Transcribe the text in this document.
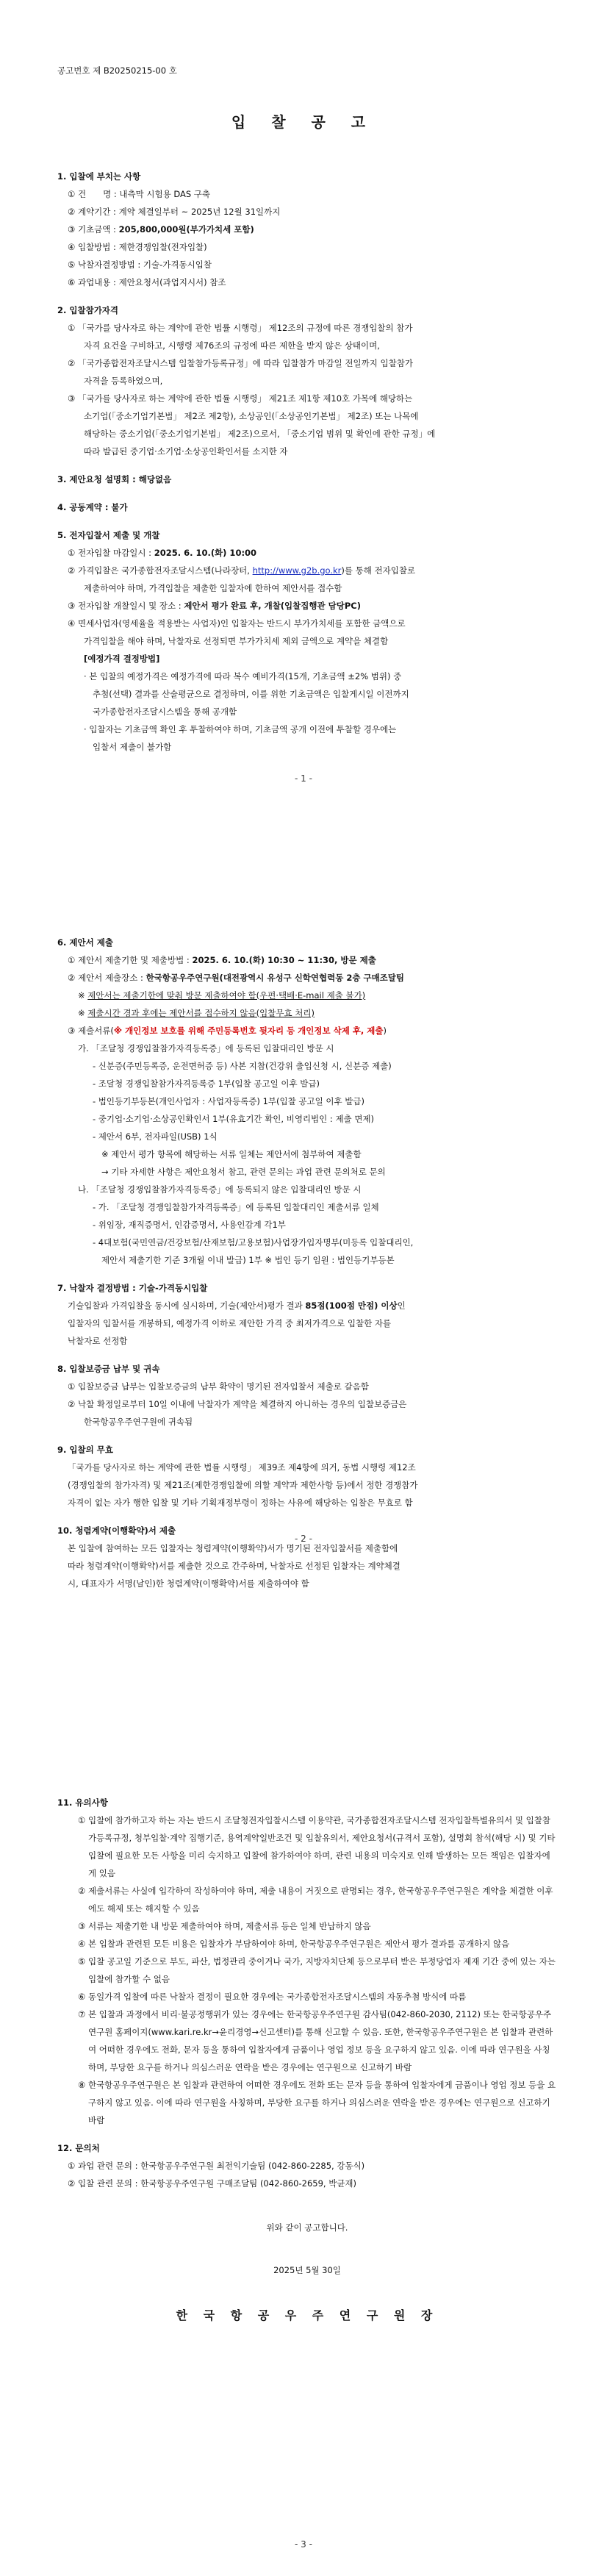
공고번호 제 B20250215-00 호
입 찰 공 고
1. 입찰에 부치는 사항
① 건　　명 : 내측막 시험용 DAS 구축
② 계약기간 : 계약 체결일부터 ~ 2025년 12월 31일까지
③ 기초금액 : 205,800,000원(부가가치세 포함)
④ 입찰방법 : 제한경쟁입찰(전자입찰)
⑤ 낙찰자결정방법 : 기술-가격동시입찰
⑥ 과업내용 : 제안요청서(과업지시서) 참조
2. 입찰참가자격
① 「국가를 당사자로 하는 계약에 관한 법률 시행령」 제12조의 규정에 따른 경쟁입찰의 참가
자격 요건을 구비하고, 시행령 제76조의 규정에 따른 제한을 받지 않은 상태이며,
② 「국가종합전자조달시스템 입찰참가등록규정」에 따라 입찰참가 마감일 전일까지 입찰참가
자격을 등록하였으며,
③ 「국가를 당사자로 하는 계약에 관한 법률 시행령」 제21조 제1항 제10호 가목에 해당하는
소기업(「중소기업기본법」 제2조 제2항), 소상공인(「소상공인기본법」 제2조) 또는 나목에
해당하는 중소기업(「중소기업기본법」 제2조)으로서, 「중소기업 범위 및 확인에 관한 규정」에
따라 발급된 중기업·소기업·소상공인확인서를 소지한 자
3. 제안요청 설명회 : 해당없음
4. 공동계약 : 불가
5. 전자입찰서 제출 및 개찰
① 전자입찰 마감일시 : 2025. 6. 10.(화) 10:00
② 가격입찰은 국가종합전자조달시스템(나라장터, http://www.g2b.go.kr)를 통해 전자입찰로
제출하여야 하며, 가격입찰을 제출한 입찰자에 한하여 제안서를 접수함
③ 전자입찰 개찰일시 및 장소 : 제안서 평가 완료 후, 개찰(입찰집행관 담당PC)
④ 면세사업자(영세율을 적용받는 사업자)인 입찰자는 반드시 부가가치세를 포함한 금액으로
가격입찰을 해야 하며, 낙찰자로 선정되면 부가가치세 제외 금액으로 계약을 체결함
[예정가격 결정방법]
· 본 입찰의 예정가격은 예정가격에 따라 복수 예비가격(15개, 기초금액 ±2% 범위) 중
추첨(선택) 결과를 산술평균으로 결정하며, 이를 위한 기초금액은 입찰게시일 이전까지
국가종합전자조달시스템을 통해 공개함
· 입찰자는 기초금액 확인 후 투찰하여야 하며, 기초금액 공개 이전에 투찰할 경우에는
입찰서 제출이 불가함
- 1 -
6. 제안서 제출
① 제안서 제출기한 및 제출방법 : 2025. 6. 10.(화) 10:30 ~ 11:30, 방문 제출
② 제안서 제출장소 : 한국항공우주연구원(대전광역시 유성구 신학연협력동 2층 구매조달팀
※ 제안서는 제출기한에 맞춰 방문 제출하여야 함(우편·택배·E-mail 제출 불가)
※ 제출시간 경과 후에는 제안서를 접수하지 않음(입찰무효 처리)
③ 제출서류(※ 개인정보 보호를 위해 주민등록번호 뒷자리 등 개인정보 삭제 후, 제출)
가. 「조달청 경쟁입찰참가자격등록증」에 등록된 입찰대리인 방문 시
- 신분증(주민등록증, 운전면허증 등) 사본 지참(건강위 출입신청 시, 신분증 제출)
- 조달청 경쟁입찰참가자격등록증 1부(입찰 공고일 이후 발급)
- 법인등기부등본(개인사업자 : 사업자등록증) 1부(입찰 공고일 이후 발급)
- 중기업·소기업·소상공인확인서 1부(유효기간 확인, 비영리법인 : 제출 면제)
- 제안서 6부, 전자파일(USB) 1식
※ 제안서 평가 항목에 해당하는 서류 일체는 제안서에 첨부하여 제출함
→ 기타 자세한 사항은 제안요청서 참고, 관련 문의는 과업 관련 문의처로 문의
나. 「조달청 경쟁입찰참가자격등록증」에 등록되지 않은 입찰대리인 방문 시
- 가. 「조달청 경쟁입찰참가자격등록증」에 등록된 입찰대리인 제출서류 일체
- 위임장, 재직증명서, 인감증명서, 사용인감계 각1부
- 4대보험(국민연금/건강보험/산재보험/고용보험)사업장가입자명부(미등록 입찰대리인,
제안서 제출기한 기준 3개월 이내 발급) 1부 ※ 법인 등기 임원 : 법인등기부등본
7. 낙찰자 결정방법 : 기술-가격동시입찰
기술입찰과 가격입찰을 동시에 실시하며, 기술(제안서)평가 결과 85점(100점 만점) 이상인
입찰자의 입찰서를 개봉하되, 예정가격 이하로 제안한 가격 중 최저가격으로 입찰한 자를
낙찰자로 선정함
8. 입찰보증금 납부 및 귀속
① 입찰보증금 납부는 입찰보증금의 납부 확약이 명기된 전자입찰서 제출로 갈음함
② 낙찰 확정일로부터 10일 이내에 낙찰자가 계약을 체결하지 아니하는 경우의 입찰보증금은
한국항공우주연구원에 귀속됨
9. 입찰의 무효
「국가를 당사자로 하는 계약에 관한 법률 시행령」 제39조 제4항에 의거, 동법 시행령 제12조
(경쟁입찰의 참가자격) 및 제21조(제한경쟁입찰에 의할 계약과 제한사항 등)에서 정한 경쟁참가
자격이 없는 자가 행한 입찰 및 기타 기획재정부령이 정하는 사유에 해당하는 입찰은 무효로 함
10. 청렴계약(이행확약)서 제출
본 입찰에 참여하는 모든 입찰자는 청렴계약(이행확약)서가 명기된 전자입찰서를 제출함에
따라 청렴계약(이행확약)서를 제출한 것으로 간주하며, 낙찰자로 선정된 입찰자는 계약체결
시, 대표자가 서명(날인)한 청렴계약(이행확약)서를 제출하여야 함
- 2 -
11. 유의사항
① 입찰에 참가하고자 하는 자는 반드시 조달청전자입찰시스템 이용약관, 국가종합전자조달시스템 전자입찰특별유의서 및 입찰참가등록규정, 청부입찰·계약 집행기준, 용역계약일반조건 및 입찰유의서, 제안요청서(규격서 포함), 설명회 참석(해당 시) 및 기타 입찰에 필요한 모든 사항을 미리 숙지하고 입찰에 참가하여야 하며, 관련 내용의 미숙지로 인해 발생하는 모든 책임은 입찰자에게 있음
② 제출서류는 사실에 입각하여 작성하여야 하며, 제출 내용이 거짓으로 판명되는 경우, 한국항공우주연구원은 계약을 체결한 이후에도 해제 또는 해지할 수 있음
③ 서류는 제출기한 내 방문 제출하여야 하며, 제출서류 등은 일체 반납하지 않음
④ 본 입찰과 관련된 모든 비용은 입찰자가 부담하여야 하며, 한국항공우주연구원은 제안서 평가 결과를 공개하지 않음
⑤ 입찰 공고일 기준으로 부도, 파산, 법정관리 중이거나 국가, 지방자치단체 등으로부터 받은 부정당업자 제재 기간 중에 있는 자는 입찰에 참가할 수 없음
⑥ 동일가격 입찰에 따른 낙찰자 결정이 필요한 경우에는 국가종합전자조달시스템의 자동추첨 방식에 따름
⑦ 본 입찰과 과정에서 비리·불공정행위가 있는 경우에는 한국항공우주연구원 감사팀(042-860-2030, 2112) 또는 한국항공우주연구원 홈페이지(www.kari.re.kr→윤리경영→신고센터)를 통해 신고할 수 있음. 또한, 한국항공우주연구원은 본 입찰과 관련하여 어떠한 경우에도 전화, 문자 등을 통하여 입찰자에게 금품이나 영업 정보 등을 요구하지 않고 있음. 이에 따라 연구원을 사칭하며, 부당한 요구를 하거나 의심스러운 연락을 받은 경우에는 연구원으로 신고하기 바람
⑧ 한국항공우주연구원은 본 입찰과 관련하여 어떠한 경우에도 전화 또는 문자 등을 통하여 입찰자에게 금품이나 영업 정보 등을 요구하지 않고 있음. 이에 따라 연구원을 사칭하며, 부당한 요구를 하거나 의심스러운 연락을 받은 경우에는 연구원으로 신고하기 바람
12. 문의처
① 과업 관련 문의 : 한국항공우주연구원 최전익기술팀 (042-860-2285, 강동식)
② 입찰 관련 문의 : 한국항공우주연구원 구매조달팀 (042-860-2659, 박균재)
위와 같이 공고합니다.
2025년 5월 30일
한 국 항 공 우 주 연 구 원 장
- 3 -
